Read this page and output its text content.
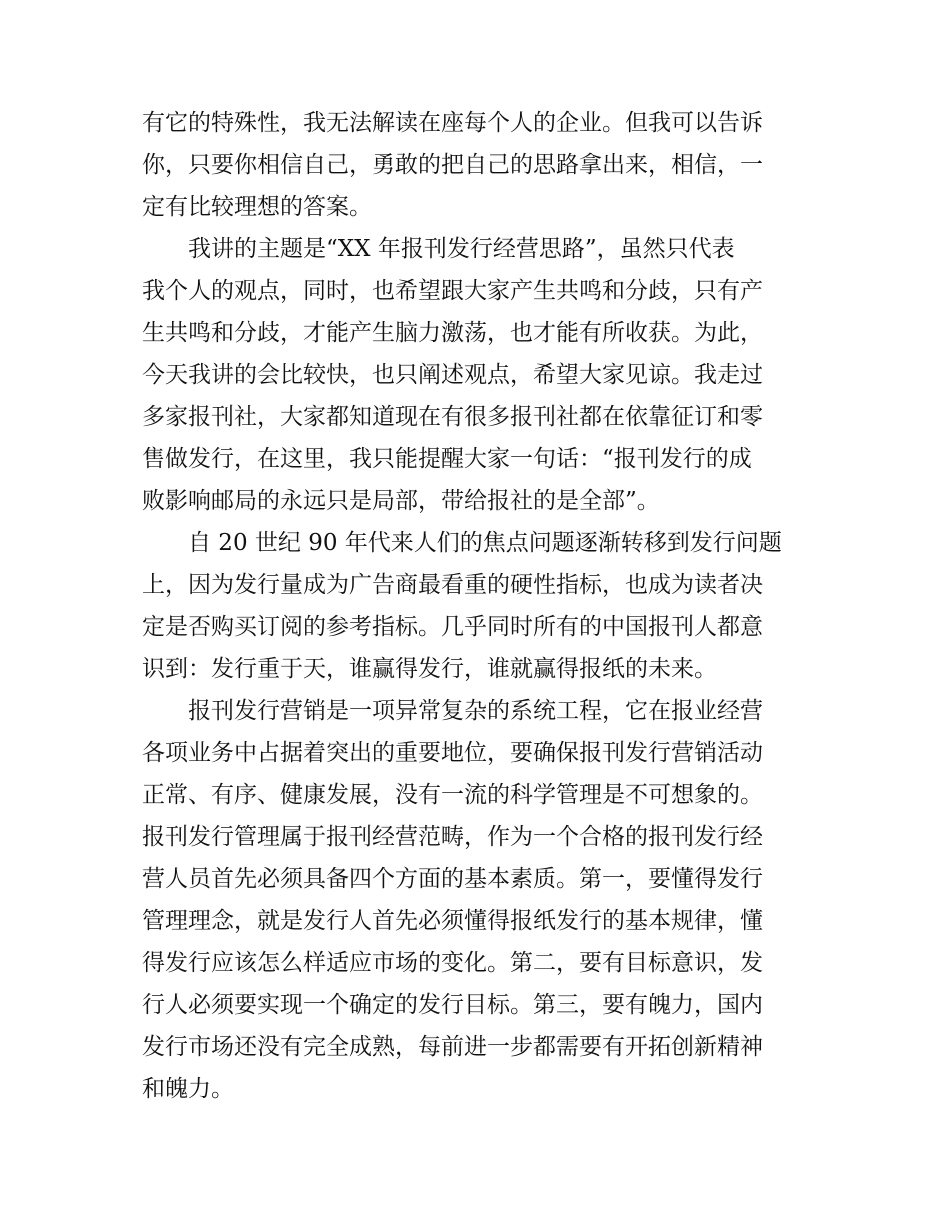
有它的特殊性，我无法解读在座每个人的企业。但我可以告诉
你，只要你相信自己，勇敢的把自己的思路拿出来，相信，一
定有比较理想的答案。
我讲的主题是“XX 年报刊发行经营思路”，虽然只代表
我个人的观点，同时，也希望跟大家产生共鸣和分歧，只有产
生共鸣和分歧，才能产生脑力激荡，也才能有所收获。为此，
今天我讲的会比较快，也只阐述观点，希望大家见谅。我走过
多家报刊社，大家都知道现在有很多报刊社都在依靠征订和零
售做发行，在这里，我只能提醒大家一句话：“报刊发行的成
败影响邮局的永远只是局部，带给报社的是全部”。
自 20 世纪 90 年代来人们的焦点问题逐渐转移到发行问题
上，因为发行量成为广告商最看重的硬性指标，也成为读者决
定是否购买订阅的参考指标。几乎同时所有的中国报刊人都意
识到：发行重于天，谁赢得发行，谁就赢得报纸的未来。
报刊发行营销是一项异常复杂的系统工程，它在报业经营
各项业务中占据着突出的重要地位，要确保报刊发行营销活动
正常、有序、健康发展，没有一流的科学管理是不可想象的。
报刊发行管理属于报刊经营范畴，作为一个合格的报刊发行经
营人员首先必须具备四个方面的基本素质。第一，要懂得发行
管理理念，就是发行人首先必须懂得报纸发行的基本规律，懂
得发行应该怎么样适应市场的变化。第二，要有目标意识，发
行人必须要实现一个确定的发行目标。第三，要有魄力，国内
发行市场还没有完全成熟，每前进一步都需要有开拓创新精神
和魄力。
